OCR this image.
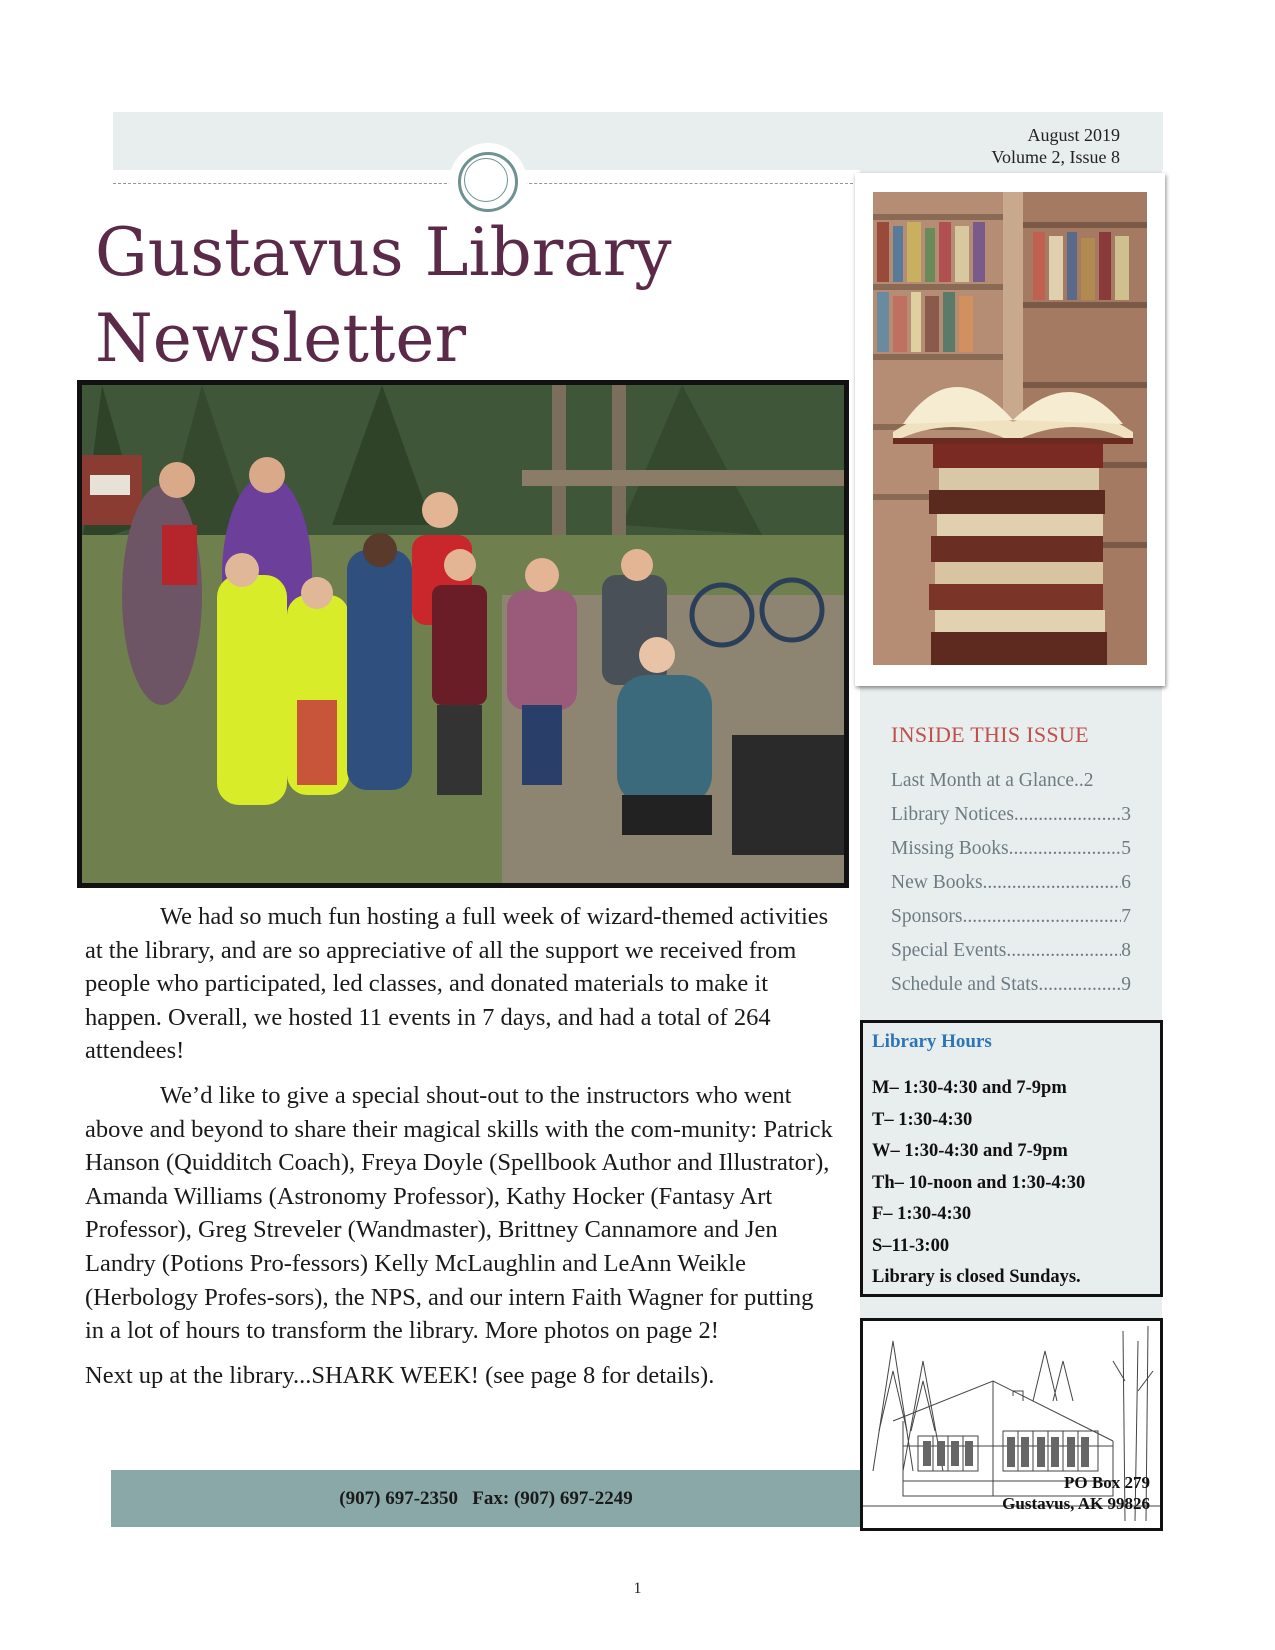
August 2019
Volume 2, Issue 8
Gustavus Library
Newsletter

We had so much fun hosting a full week of wizard-themed activities at the library, and are so appreciative of all the support we received from people who participated, led classes, and donated materials to make it happen. Overall, we hosted 11 events in 7 days, and had a total of 264 attendees!

We’d like to give a special shout-out to the instructors who went above and beyond to share their magical skills with the com-munity: Patrick Hanson (Quidditch Coach), Freya Doyle (Spellbook Author and Illustrator), Amanda Williams (Astronomy Professor), Kathy Hocker (Fantasy Art Professor), Greg Streveler (Wandmaster), Brittney Cannamore and Jen Landry (Potions Pro-fessors) Kelly McLaughlin and LeAnn Weikle (Herbology Profes-sors), the NPS, and our intern Faith Wagner for putting in a lot of hours to transform the library. More photos on page 2!

Next up at the library...SHARK WEEK! (see page 8 for details).

(907) 697-2350   Fax: (907) 697-2249
1
INSIDE THIS ISSUE
Last Month at a Glance.. 2
Library Notices .....	3
Missing Books .....	5
New Books .....	6
Sponsors .....	7
Special Events .....	8
Schedule and Stats .....	9
Library Hours
M– 1:30-4:30 and 7-9pm
T– 1:30-4:30
W– 1:30-4:30 and 7-9pm
Th– 10-noon and 1:30-4:30
F– 1:30-4:30
S–11-3:00
Library is closed Sundays.
PO Box 279
Gustavus, AK 99826
